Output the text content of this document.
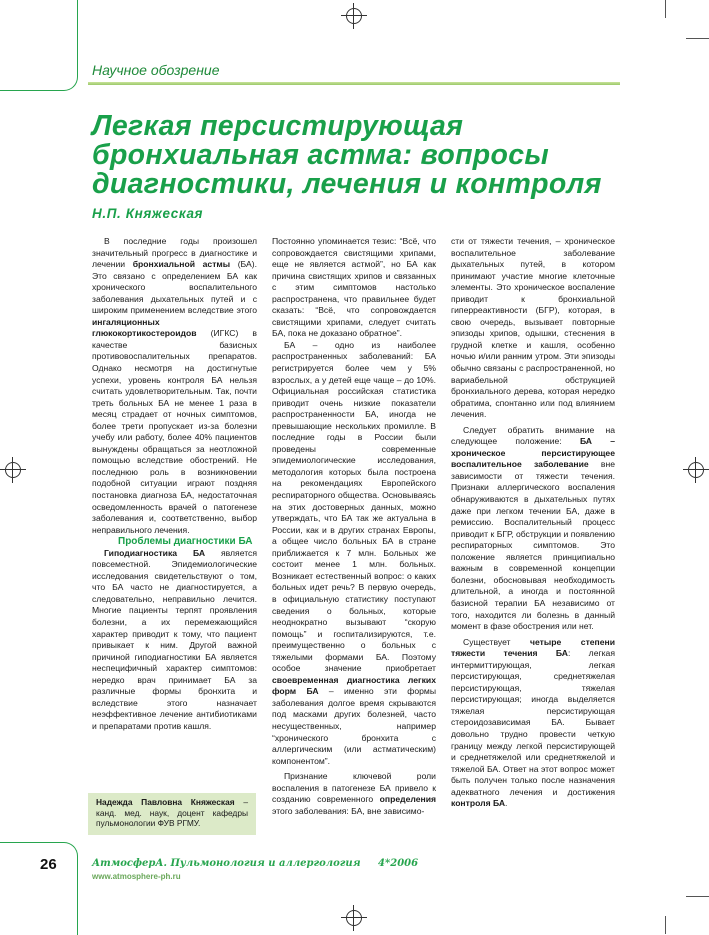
Научное обозрение
Легкая персистирующая бронхиальная астма: вопросы диагностики, лечения и контроля
Н.П. Княжеская

В последние годы произошел значительный прогресс в диагностике и лечении бронхиальной астмы (БА). Это связано с определением БА как хронического воспалительного заболевания дыхательных путей и с широким применением вследствие этого ингаляционных глюкокортикостероидов (ИГКС) в качестве базисных противовоспалительных препаратов. Однако несмотря на достигнутые успехи, уровень контроля БА нельзя считать удовлетворительным. Так, почти треть больных БА не менее 1 раза в месяц страдает от ночных симптомов, более трети пропускает из-за болезни учебу или работу, более 40% пациентов вынуждены обращаться за неотложной помощью вследствие обострений. Не последнюю роль в возникновении подобной ситуации играют поздняя постановка диагноза БА, недостаточная осведомленность врачей о патогенезе заболевания и, соответственно, выбор неправильного лечения.

Проблемы диагностики БА

Гиподиагностика БА является повсеместной. Эпидемиологические исследования свидетельствуют о том, что БА часто не диагностируется, а следовательно, неправильно лечится. Многие пациенты терпят проявления болезни, а их перемежающийся характер приводит к тому, что пациент привыкает к ним. Другой важной причиной гиподиагностики БА является неспецифичный характер симптомов: нередко врач принимает БА за различные формы бронхита и вследствие этого назначает неэффективное лечение антибиотиками и препаратами против кашля.

Постоянно упоминается тезис: “Всё, что сопровождается свистящими хрипами, еще не является астмой”, но БА как причина свистящих хрипов и связанных с этим симптомов настолько распространена, что правильнее будет сказать: “Всё, что сопровождается свистящими хрипами, следует считать БА, пока не доказано обратное”.

БА – одно из наиболее распространенных заболеваний: БА регистрируется более чем у 5% взрослых, а у детей еще чаще – до 10%. Официальная российская статистика приводит очень низкие показатели распространенности БА, иногда не превышающие нескольких промилле. В последние годы в России были проведены современные эпидемиологические исследования, методология которых была построена на рекомендациях Европейского респираторного общества. Основываясь на этих достоверных данных, можно утверждать, что БА так же актуальна в России, как и в других странах Европы, а общее число больных БА в стране приближается к 7 млн. Больных же состоит менее 1 млн. больных. Возникает естественный вопрос: о каких больных идет речь? В первую очередь, в официальную статистику поступают сведения о больных, которые неоднократно вызывают “скорую помощь” и госпитализируются, т.е. преимущественно о больных с тяжелыми формами БА. Поэтому особое значение приобретает своевременная диагностика легких форм БА – именно эти формы заболевания долгое время скрываются под масками других болезней, часто несущественных, например “хронического бронхита с аллергическим (или астматическим) компонентом”.

Признание ключевой роли воспаления в патогенезе БА привело к созданию современного определения этого заболевания: БА, вне зависимо-

сти от тяжести течения, – хроническое воспалительное заболевание дыхательных путей, в котором принимают участие многие клеточные элементы. Это хроническое воспаление приводит к бронхиальной гиперреактивности (БГР), которая, в свою очередь, вызывает повторные эпизоды хрипов, одышки, стеснения в грудной клетке и кашля, особенно ночью и/или ранним утром. Эти эпизоды обычно связаны с распространенной, но вариабельной обструкцией бронхиального дерева, которая нередко обратима, спонтанно или под влиянием лечения.

Следует обратить внимание на следующее положение: БА – хроническое персистирующее воспалительное заболевание вне зависимости от тяжести течения. Признаки аллергического воспаления обнаруживаются в дыхательных путях даже при легком течении БА, даже в ремиссию. Воспалительный процесс приводит к БГР, обструкции и появлению респираторных симптомов. Это положение является принципиально важным в современной концепции болезни, обосновывая необходимость длительной, а иногда и постоянной базисной терапии БА независимо от того, находится ли болезнь в данный момент в фазе обострения или нет.

Существует четыре степени тяжести течения БА: легкая интермиттирующая, легкая персистирующая, среднетяжелая персистирующая, тяжелая персистирующая; иногда выделяется тяжелая персистирующая стероидозависимая БА. Бывает довольно трудно провести четкую границу между легкой персистирующей и среднетяжелой или среднетяжелой и тяжелой БА. Ответ на этот вопрос может быть получен только после назначения адекватного лечения и достижения контроля БА.

Надежда Павловна Княжеская – канд. мед. наук, доцент кафедры пульмонологии ФУВ РГМУ.
26	АтмосферА. Пульмонология и аллергология     4*2006
www.atmosphere-ph.ru
